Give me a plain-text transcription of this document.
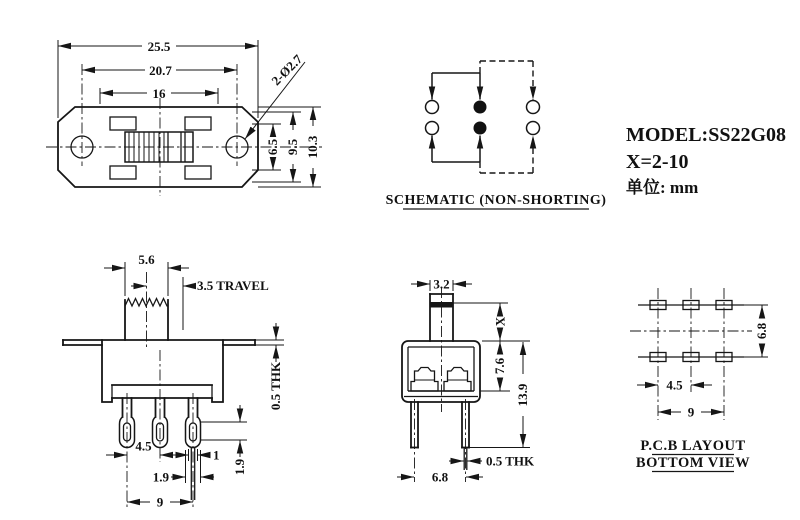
25.5
20.7
16
2-Ø2.7
6.5 9.5 10.3
SCHEMATIC (NON-SHORTING)
MODEL:SS22G08
X=2-10
单位: mm
5.6
3.5 TRAVEL
0.5 THK
4.5
1
1.9
9
1.9
3.2
X
7.6
13.9
0.5 THK
6.8
6.8
4.5
9
P.C.B LAYOUT
BOTTOM VIEW
